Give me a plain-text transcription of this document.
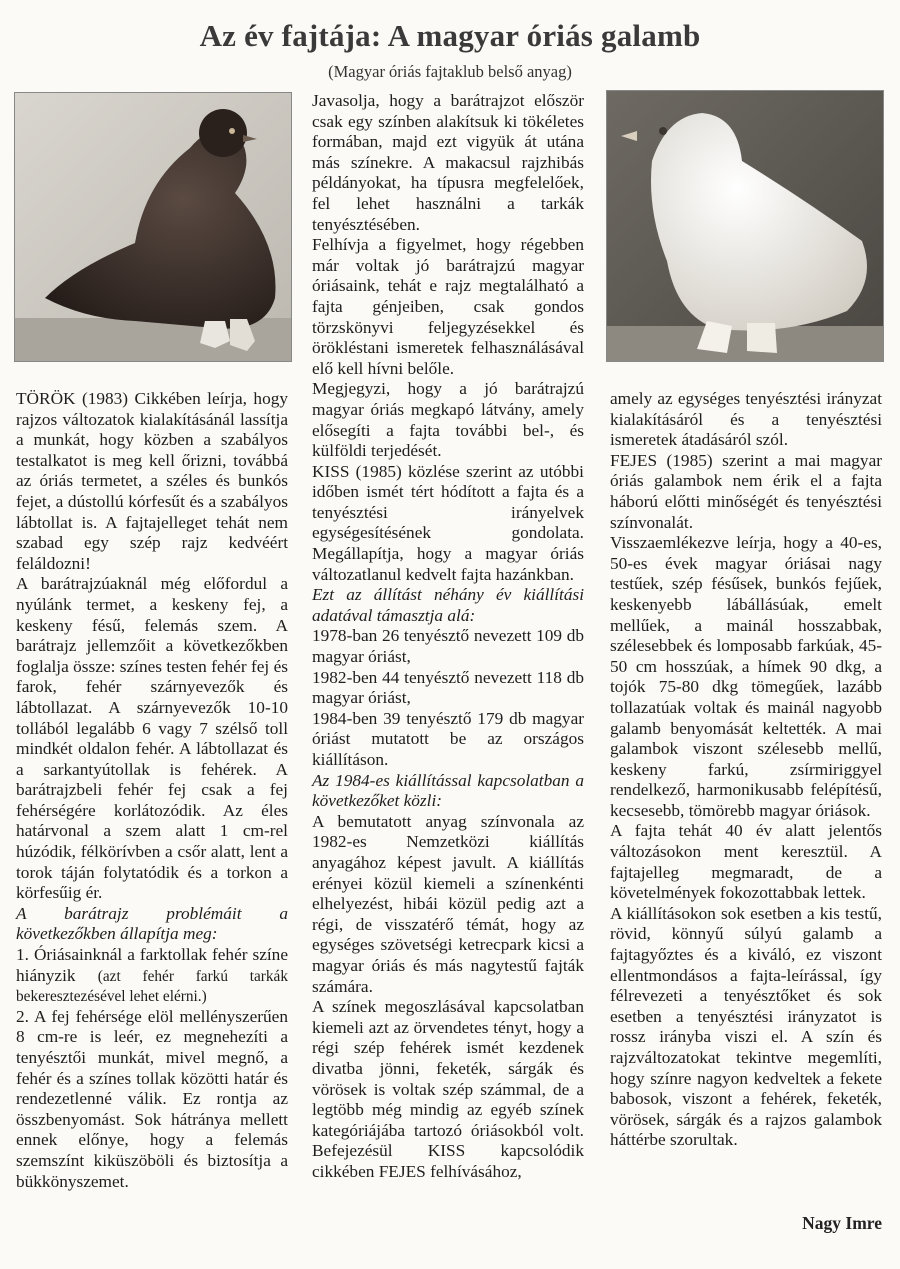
Az év fajtája: A magyar óriás galamb
(Magyar óriás fajtaklub belső anyag)

TÖRÖK (1983) Cikkében leírja, hogy rajzos változatok kialakításánál lassítja a munkát, hogy közben a szabályos testalkatot is meg kell őrizni, továbbá az óriás termetet, a széles és bunkós fejet, a dústollú kórfesűt és a szabályos lábtollat is. A fajtajelleget tehát nem szabad egy szép rajz kedvéért feláldozni!

A barátrajzúaknál még előfordul a nyúlánk termet, a keskeny fej, a keskeny fésű, felemás szem. A barátrajz jellemzőit a következőkben foglalja össze: színes testen fehér fej és farok, fehér szárnyevezők és lábtollazat. A szárnyevezők 10-10 tollából legalább 6 vagy 7 szélső toll mindkét oldalon fehér. A lábtollazat és a sarkantyútollak is fehérek. A barátrajzbeli fehér fej csak a fej fehérségére korlátozódik. Az éles határvonal a szem alatt 1 cm-rel húzódik, félkörívben a csőr alatt, lent a torok táján folytatódik és a torkon a körfesűig ér.

A barátrajz problémáit a következőkben állapítja meg:

1. Óriásainknál a farktollak fehér színe hiányzik (azt fehér farkú tarkák bekeresztezésével lehet elérni.)

2. A fej fehérsége elöl mellényszerűen 8 cm-re is leér, ez megnehezíti a tenyésztői munkát, mivel megnő, a fehér és a színes tollak közötti határ és rendezetlenné válik. Ez rontja az összbenyomást. Sok hátránya mellett ennek előnye, hogy a felemás szemszínt kiküszöböli és biztosítja a bükkönyszemet.

Javasolja, hogy a barátrajzot először csak egy színben alakítsuk ki tökéletes formában, majd ezt vigyük át utána más színekre. A makacsul rajzhibás példányokat, ha típusra megfelelőek, fel lehet használni a tarkák tenyésztésében.

Felhívja a figyelmet, hogy régebben már voltak jó barátrajzú magyar óriásaink, tehát e rajz megtalálható a fajta génjeiben, csak gondos törzskönyvi feljegyzésekkel és örökléstani ismeretek felhasználásával elő kell hívni belőle.

Megjegyzi, hogy a jó barátrajzú magyar óriás megkapó látvány, amely elősegíti a fajta további bel-, és külföldi terjedését.

KISS (1985) közlése szerint az utóbbi időben ismét tért hódított a fajta és a tenyésztési irányelvek egységesítésének gondolata. Megállapítja, hogy a magyar óriás változatlanul kedvelt fajta hazánkban.

Ezt az állítást néhány év kiállítási adatával támasztja alá:

1978-ban 26 tenyésztő nevezett 109 db magyar óriást,

1982-ben 44 tenyésztő nevezett 118 db magyar óriást,

1984-ben 39 tenyésztő 179 db magyar óriást mutatott be az országos kiállításon.

Az 1984-es kiállítással kapcsolatban a következőket közli:

A bemutatott anyag színvonala az 1982-es Nemzetközi kiállítás anyagához képest javult. A kiállítás erényei közül kiemeli a színenkénti elhelyezést, hibái közül pedig azt a régi, de visszatérő témát, hogy az egységes szövetségi ketrecpark kicsi a magyar óriás és más nagytestű fajták számára.

A színek megoszlásával kapcsolatban kiemeli azt az örvendetes tényt, hogy a régi szép fehérek ismét kezdenek divatba jönni, feketék, sárgák és vörösek is voltak szép számmal, de a legtöbb még mindig az egyéb színek kategóriájába tartozó óriásokból volt. Befejezésül KISS kapcsolódik cikkében FEJES felhívásához,

amely az egységes tenyésztési irányzat kialakításáról és a tenyésztési ismeretek átadásáról szól.

FEJES (1985) szerint a mai magyar óriás galambok nem érik el a fajta háború előtti minőségét és tenyésztési színvonalát.

Visszaemlékezve leírja, hogy a 40-es, 50-es évek magyar óriásai nagy testűek, szép fésűsek, bunkós fejűek, keskenyebb lábállásúak, emelt mellűek, a mainál hosszabbak, szélesebbek és lomposabb farkúak, 45-50 cm hosszúak, a hímek 90 dkg, a tojók 75-80 dkg tömegűek, lazább tollazatúak voltak és mainál nagyobb galamb benyomását keltették. A mai galambok viszont szélesebb mellű, keskeny farkú, zsírmiriggyel rendelkező, harmonikusabb felépítésű, kecsesebb, tömörebb magyar óriások.

A fajta tehát 40 év alatt jelentős változásokon ment keresztül. A fajtajelleg megmaradt, de a követelmények fokozottabbak lettek.

A kiállításokon sok esetben a kis testű, rövid, könnyű súlyú galamb a fajtagyőztes és a kiváló, ez viszont ellentmondásos a fajta-leírással, így félrevezeti a tenyésztőket és sok esetben a tenyésztési irányzatot is rossz irányba viszi el. A szín és rajzváltozatokat tekintve megemlíti, hogy színre nagyon kedveltek a fekete babosok, viszont a fehérek, feketék, vörösek, sárgák és a rajzos galambok háttérbe szorultak.

Nagy Imre
